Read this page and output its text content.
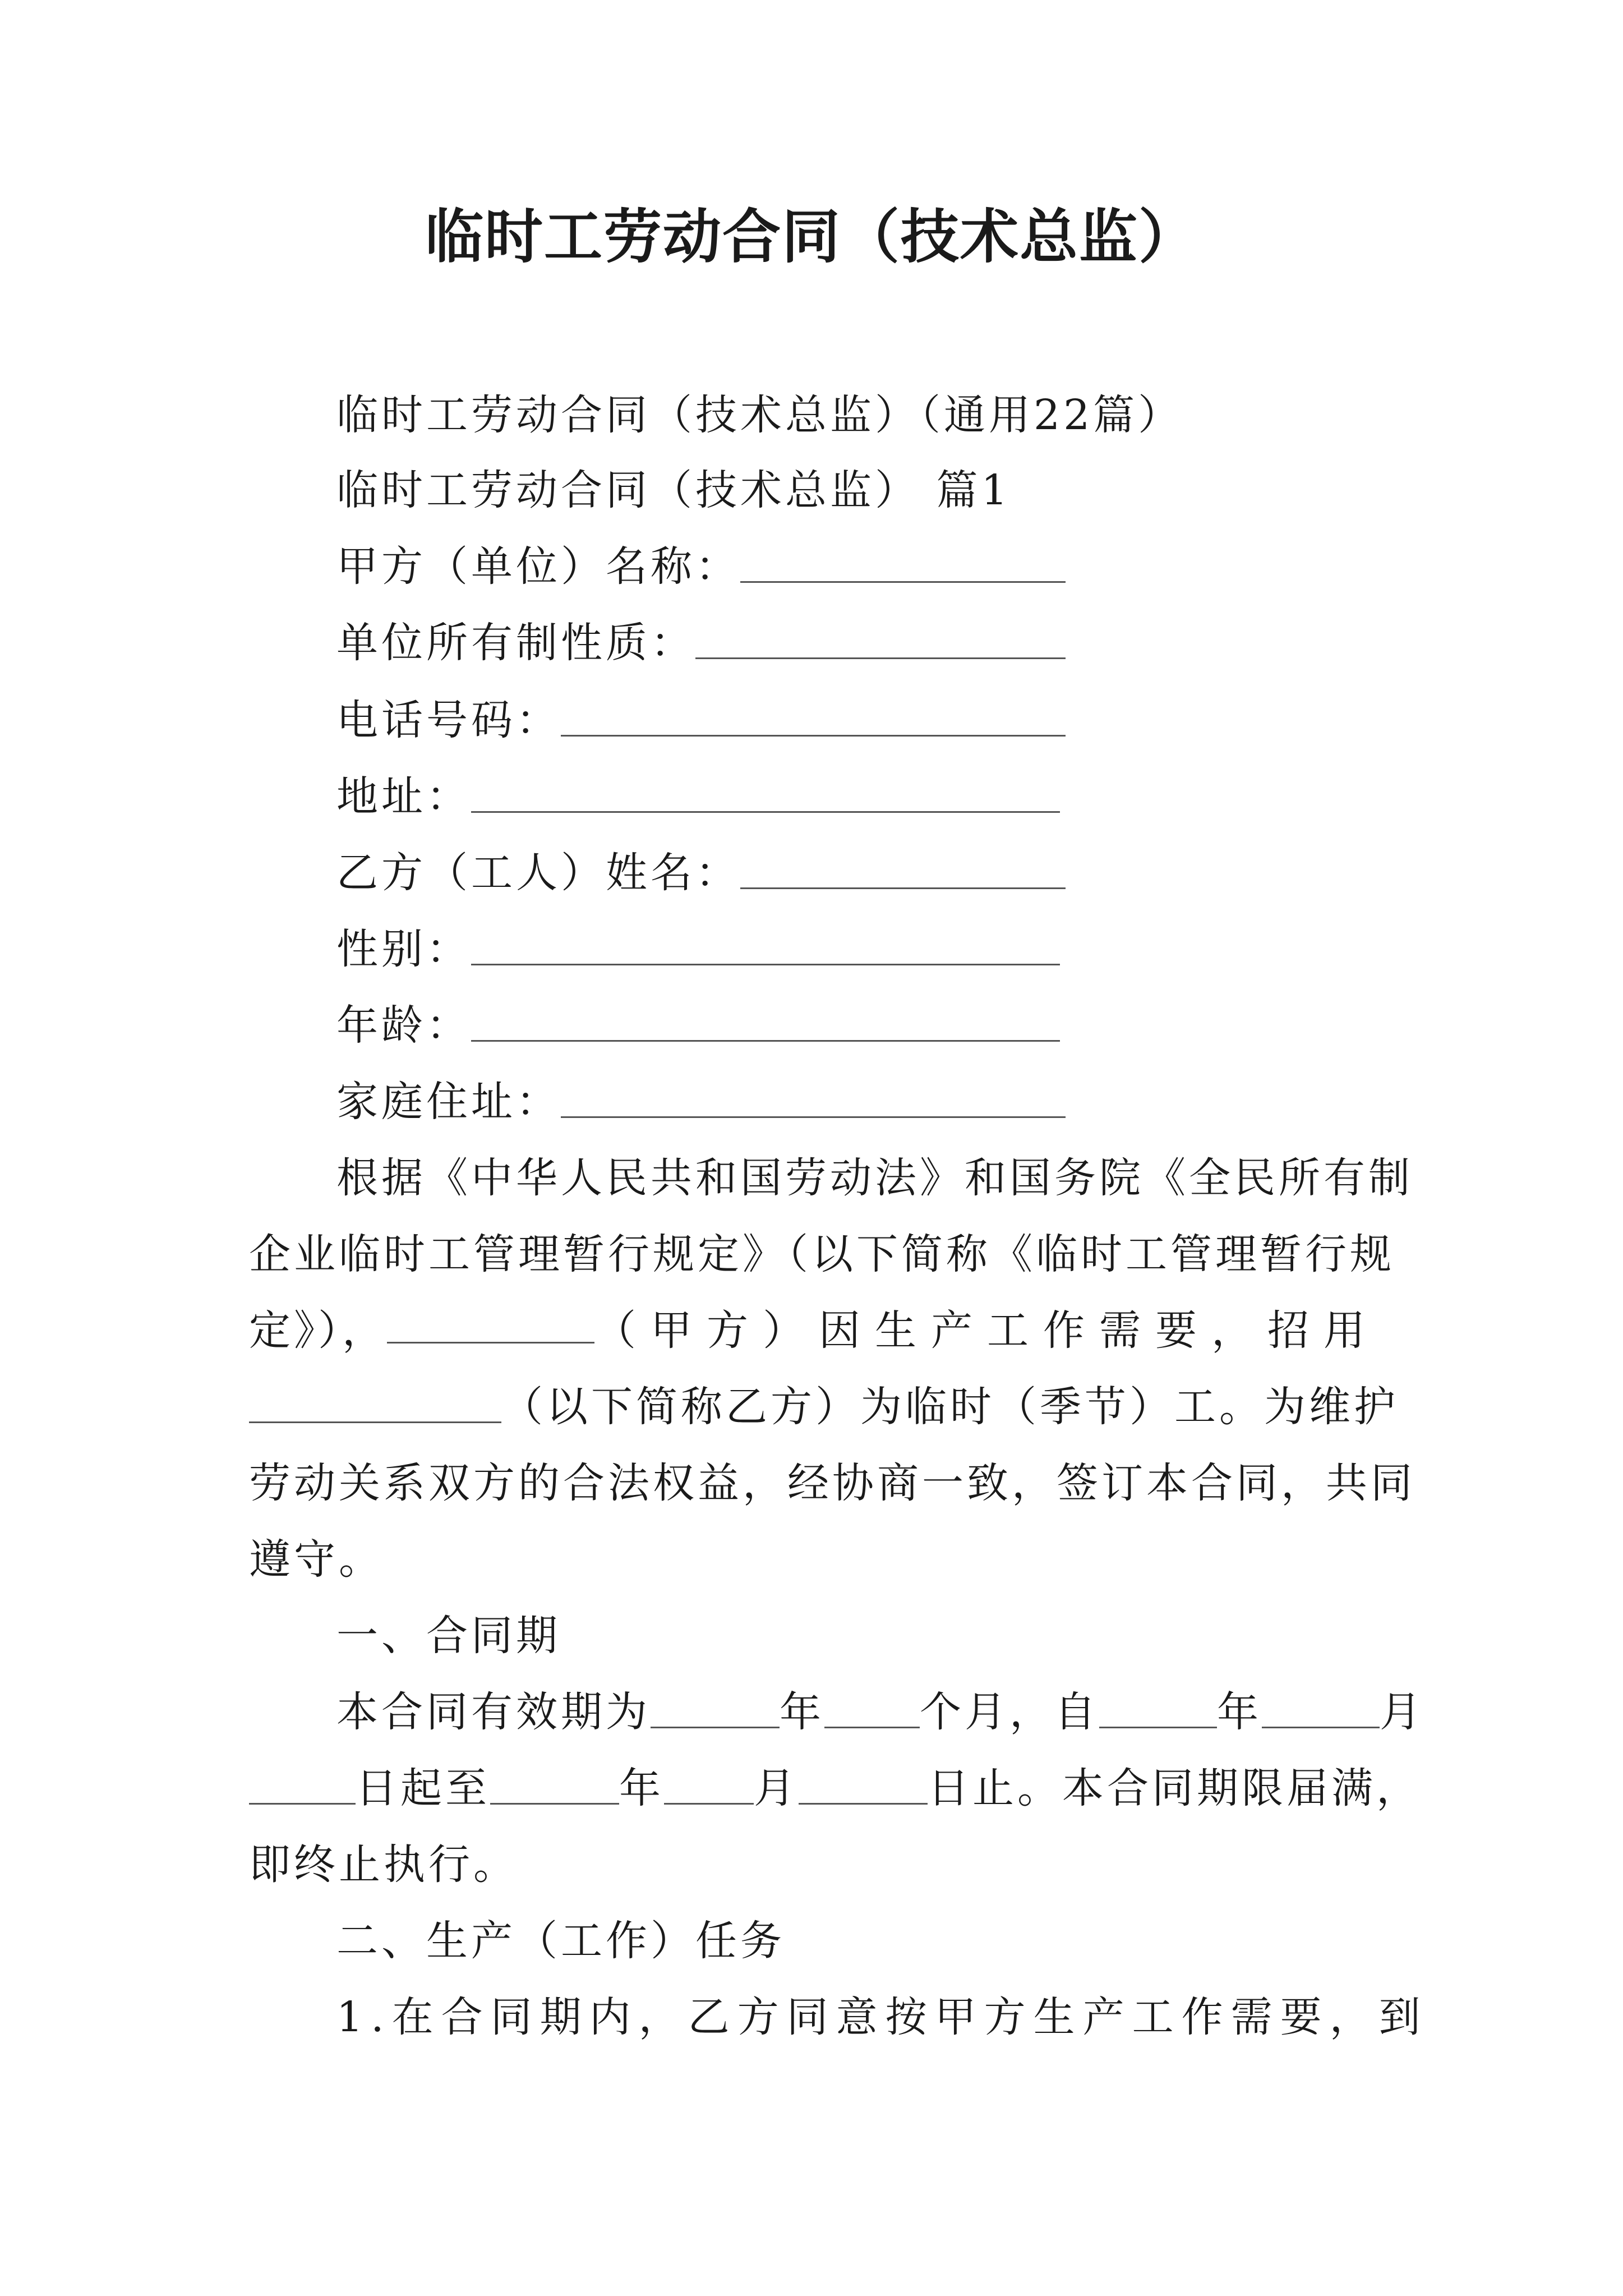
临时工劳动合同（技术总监）
临时工劳动合同（技术总监）（通用22篇）
临时工劳动合同（技术总监） 篇1
甲方（单位）名称：
单位所有制性质：
电话号码：
地址：
乙方（工人）姓名：
性别：
年龄：
家庭住址：
根据《中华人民共和国劳动法》和国务院《全民所有制
企业临时工管理暂行规定》（以下简称《临时工管理暂行规
定》），	（甲方）因生产工作需要，招用
（以下简称乙方）为临时（季节）工。为维护
劳动关系双方的合法权益，经协商一致，签订本合同，共同
遵守。
一、合同期
本合同有效期为	年 个月，自	年	月
日起至	年 月	日止。本合同期限届满，
即终止执行。
二、生产（工作）任务
1.在合同期内，乙方同意按甲方生产工作需要，到
